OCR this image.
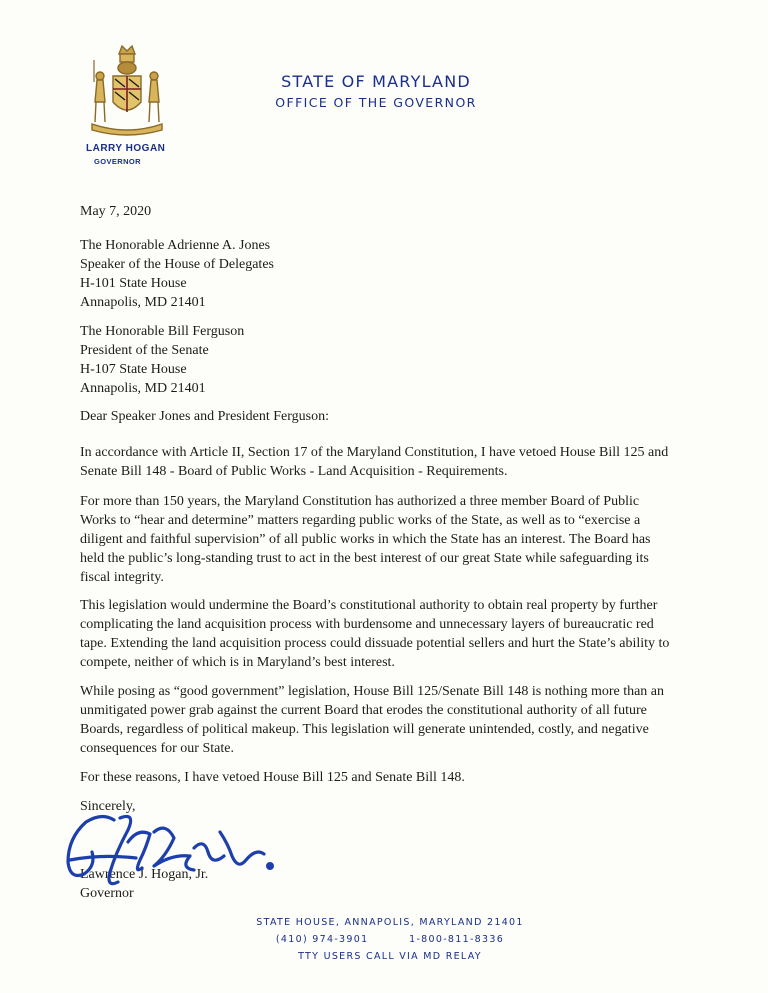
LARRY HOGAN
GOVERNOR
STATE OF MARYLAND
OFFICE OF THE GOVERNOR
May 7, 2020
The Honorable Adrienne A. Jones
Speaker of the House of Delegates
H-101 State House
Annapolis, MD 21401
The Honorable Bill Ferguson
President of the Senate
H-107 State House
Annapolis, MD 21401
Dear Speaker Jones and President Ferguson:
In accordance with Article II, Section 17 of the Maryland Constitution, I have vetoed House Bill 125 and
Senate Bill 148 - Board of Public Works - Land Acquisition - Requirements.
For more than 150 years, the Maryland Constitution has authorized a three member Board of Public
Works to “hear and determine” matters regarding public works of the State, as well as to “exercise a
diligent and faithful supervision” of all public works in which the State has an interest. The Board has
held the public’s long-standing trust to act in the best interest of our great State while safeguarding its
fiscal integrity.
This legislation would undermine the Board’s constitutional authority to obtain real property by further
complicating the land acquisition process with burdensome and unnecessary layers of bureaucratic red
tape. Extending the land acquisition process could dissuade potential sellers and hurt the State’s ability to
compete, neither of which is in Maryland’s best interest.
While posing as “good government” legislation, House Bill 125/Senate Bill 148 is nothing more than an
unmitigated power grab against the current Board that erodes the constitutional authority of all future
Boards, regardless of political makeup. This legislation will generate unintended, costly, and negative
consequences for our State.
For these reasons, I have vetoed House Bill 125 and Senate Bill 148.
Sincerely,
Lawrence J. Hogan, Jr.
Governor
STATE HOUSE, ANNAPOLIS, MARYLAND 21401
(410) 974-3901	1-800-811-8336
TTY USERS CALL VIA MD RELAY
